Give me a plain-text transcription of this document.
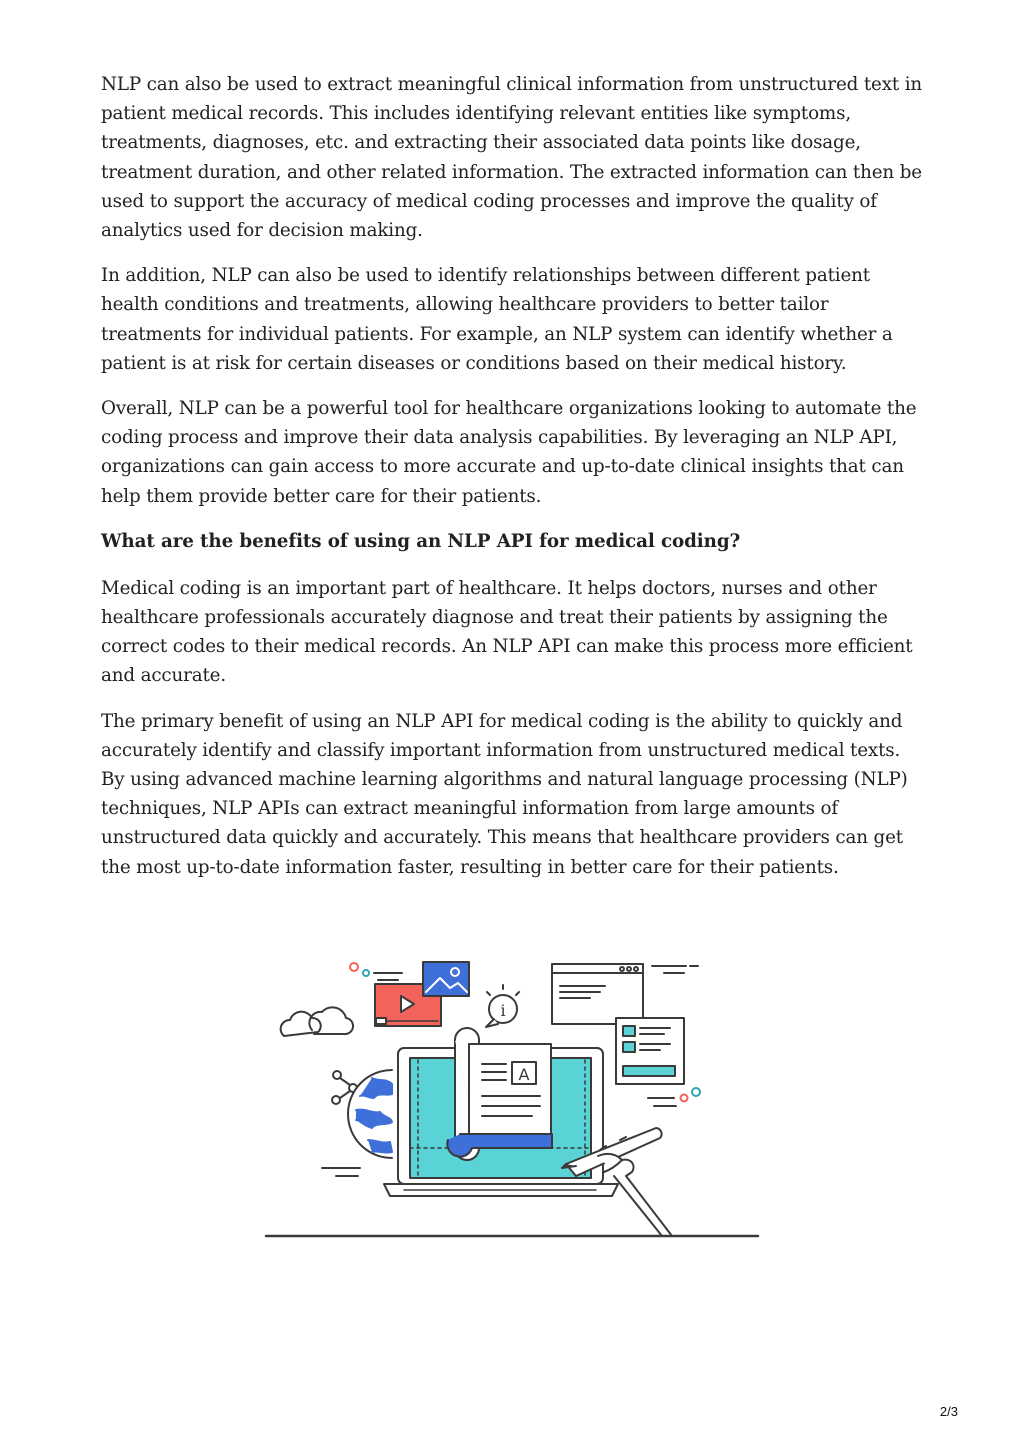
NLP can also be used to extract meaningful clinical information from unstructured text in
patient medical records. This includes identifying relevant entities like symptoms,
treatments, diagnoses, etc. and extracting their associated data points like dosage,
treatment duration, and other related information. The extracted information can then be
used to support the accuracy of medical coding processes and improve the quality of
analytics used for decision making.
In addition, NLP can also be used to identify relationships between different patient
health conditions and treatments, allowing healthcare providers to better tailor
treatments for individual patients. For example, an NLP system can identify whether a
patient is at risk for certain diseases or conditions based on their medical history.
Overall, NLP can be a powerful tool for healthcare organizations looking to automate the
coding process and improve their data analysis capabilities. By leveraging an NLP API,
organizations can gain access to more accurate and up-to-date clinical insights that can
help them provide better care for their patients.
What are the benefits of using an NLP API for medical coding?
Medical coding is an important part of healthcare. It helps doctors, nurses and other
healthcare professionals accurately diagnose and treat their patients by assigning the
correct codes to their medical records. An NLP API can make this process more efficient
and accurate.
The primary benefit of using an NLP API for medical coding is the ability to quickly and
accurately identify and classify important information from unstructured medical texts.
By using advanced machine learning algorithms and natural language processing (NLP)
techniques, NLP APIs can extract meaningful information from large amounts of
unstructured data quickly and accurately. This means that healthcare providers can get
the most up-to-date information faster, resulting in better care for their patients.
i
A
2/3
